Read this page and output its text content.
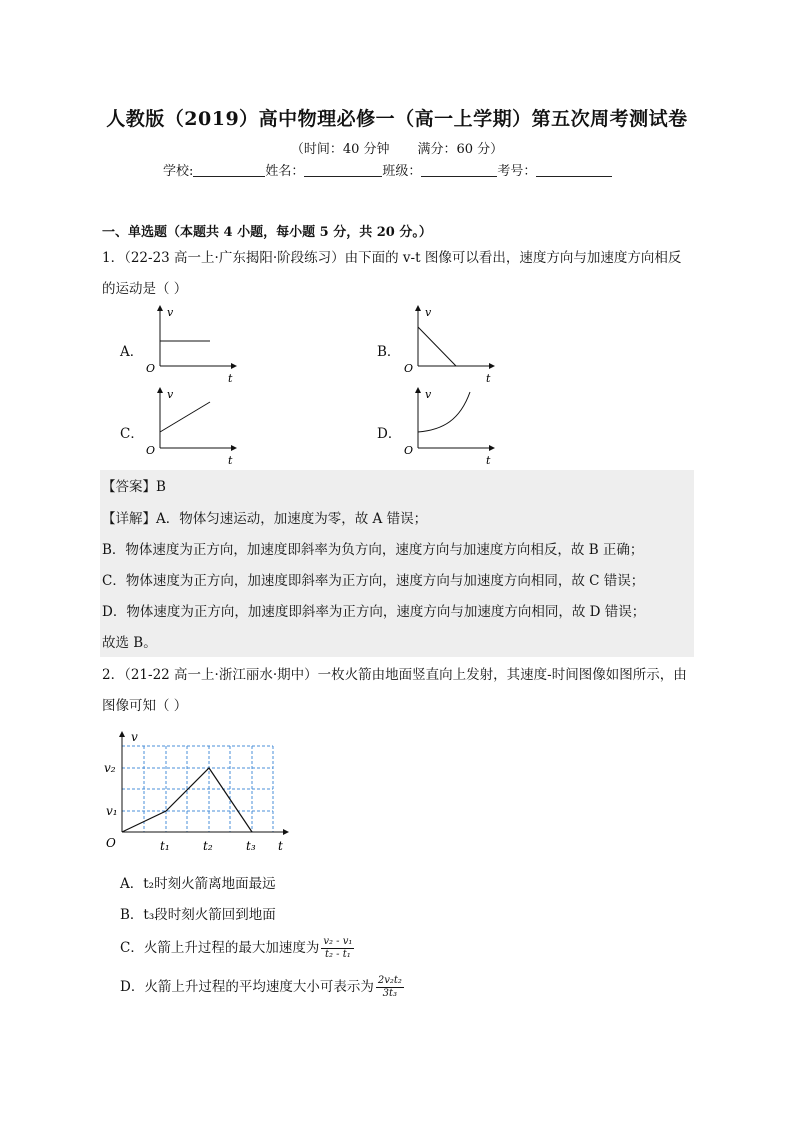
人教版（2019）高中物理必修一（高一上学期）第五次周考测试卷
（时间：40 分钟 满分：60 分）
学校:	姓名：	班级：	考号：
一、单选题（本题共 4 小题，每小题 5 分，共 20 分。）
1．（22-23 高一上·广东揭阳·阶段练习）由下面的 v-t 图像可以看出，速度方向与加速度方向相反
的运动是（ ）
A．	B．
C．	D．
v
t
O
v
t
O
v
t
O
v
t
O
【答案】B
【详解】A．物体匀速运动，加速度为零，故 A 错误；
B．物体速度为正方向，加速度即斜率为负方向，速度方向与加速度方向相反，故 B 正确；
C．物体速度为正方向，加速度即斜率为正方向，速度方向与加速度方向相同，故 C 错误；
D．物体速度为正方向，加速度即斜率为正方向，速度方向与加速度方向相同，故 D 错误；
故选 B。
2．（21-22 高一上·浙江丽水·期中）一枚火箭由地面竖直向上发射，其速度-时间图像如图所示，由
图像可知（ ）
v
t
O
v₂
v₁
t₁	t₂	t₃
A．t₂时刻火箭离地面最远
B．t₃段时刻火箭回到地面
C．火箭上升过程的最大加速度为 $\frac{\text{v₂ - v₁}}{\text{t₂ - t₁}}$
D．火箭上升过程的平均速度大小可表示为 $\frac{\text{2v₂t₂}}{\text{3t₃}}$
